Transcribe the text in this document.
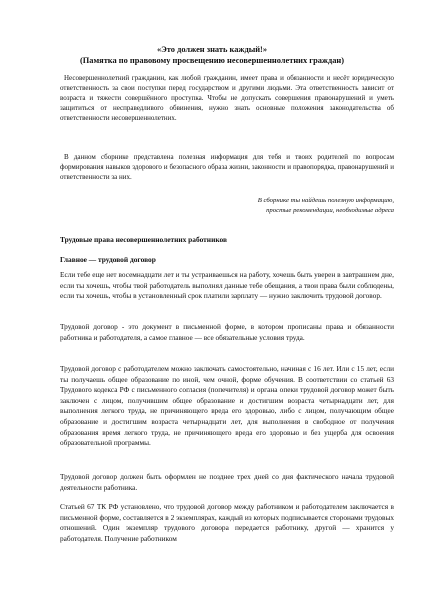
«Это должен знать каждый!»
(Памятка по правовому просвещению несовершеннолетних граждан)

Несовершеннолетний гражданин, как любой гражданин, имеет права и обязанности и несёт юридическую ответственность за свои поступки перед государством и другими людьми. Эта ответственность зависит от возраста и тяжести совершённого проступка. Чтобы не допускать совершения правонарушений и уметь защититься от несправедливого обвинения, нужно знать основные положения законодательства об ответственности несовершеннолетних.

В данном сборнике представлена полезная информация для тебя и твоих родителей по вопросам формирования навыков здорового и безопасного образа жизни, законности и правопорядка, правонарушений и ответственности за них.

В сборнике ты найдешь полезную информацию,
простые рекомендации, необходимые адреса
Трудовые права несовершеннолетних работников
Главное — трудовой договор

Если тебе еще нет восемнадцати лет и ты устраиваешься на работу, хочешь быть уверен в завтрашнем дне, если ты хочешь, чтобы твой работодатель выполнял данные тебе обещания, а твои права были соблюдены, если ты хочешь, чтобы в установленный срок платили зарплату — нужно заключить трудовой договор.

Трудовой договор - это документ в письменной форме, в котором прописаны права и обязанности работника и работодателя, а самое главное — все обязательные условия труда.

Трудовой договор с работодателем можно заключать самостоятельно, начиная с 16 лет. Или с 15 лет, если ты получаешь общее образование по иной, чем очной, форме обучения. В соответствии со статьей 63 Трудового кодекса РФ с письменного согласия (попечителя) и органа опеки трудовой договор может быть заключен с лицом, получившим общее образование и достигшим возраста четырнадцати лет, для выполнения легкого труда, не причиняющего вреда его здоровью, либо с лицом, получающим общее образование и достигшим возраста четырнадцати лет, для выполнения в свободное от получения образования время легкого труда, не причиняющего вреда его здоровью и без ущерба для освоения образовательной программы.

Трудовой договор должен быть оформлен не позднее трех дней со дня фактического начала трудовой деятельности работника.

Статьей 67 ТК РФ установлено, что трудовой договор между работником и работодателем заключается в письменной форме, составляется в 2 экземплярах, каждый из которых подписывается сторонами трудовых отношений. Один экземпляр трудового договора передается работнику, другой — хранится у работодателя. Получение работником
